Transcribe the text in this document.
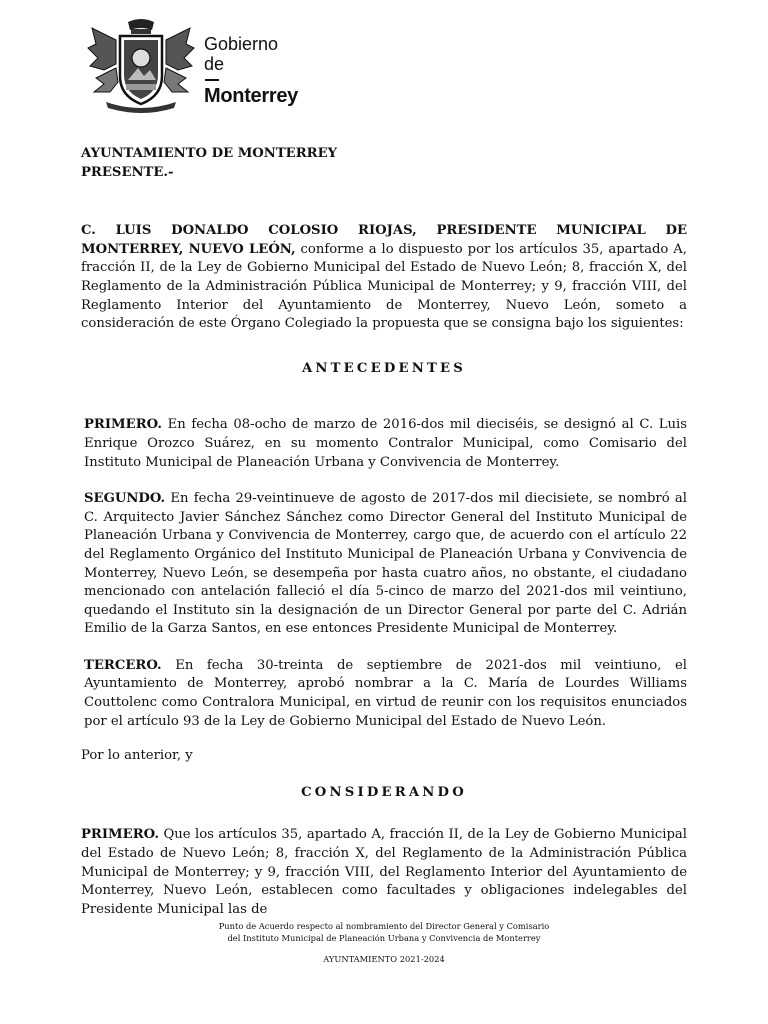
Gobierno
de
Monterrey

AYUNTAMIENTO DE MONTERREY

PRESENTE.-

C. LUIS DONALDO COLOSIO RIOJAS, PRESIDENTE MUNICIPAL DE MONTERREY, NUEVO LEÓN, conforme a lo dispuesto por los artículos 35, apartado A, fracción II, de la Ley de Gobierno Municipal del Estado de Nuevo León; 8, fracción X, del Reglamento de la Administración Pública Municipal de Monterrey; y 9, fracción VIII, del Reglamento Interior del Ayuntamiento de Monterrey, Nuevo León, someto a consideración de este Órgano Colegiado la propuesta que se consigna bajo los siguientes:

ANTECEDENTES

PRIMERO. En fecha 08-ocho de marzo de 2016-dos mil dieciséis, se designó al C. Luis Enrique Orozco Suárez, en su momento Contralor Municipal, como Comisario del Instituto Municipal de Planeación Urbana y Convivencia de Monterrey.

SEGUNDO. En fecha 29-veintinueve de agosto de 2017-dos mil diecisiete, se nombró al C. Arquitecto Javier Sánchez Sánchez como Director General del Instituto Municipal de Planeación Urbana y Convivencia de Monterrey, cargo que, de acuerdo con el artículo 22 del Reglamento Orgánico del Instituto Municipal de Planeación Urbana y Convivencia de Monterrey, Nuevo León, se desempeña por hasta cuatro años, no obstante, el ciudadano mencionado con antelación falleció el día 5-cinco de marzo del 2021-dos mil veintiuno, quedando el Instituto sin la designación de un Director General por parte del C. Adrián Emilio de la Garza Santos, en ese entonces Presidente Municipal de Monterrey.

TERCERO. En fecha 30-treinta de septiembre de 2021-dos mil veintiuno, el Ayuntamiento de Monterrey, aprobó nombrar a la C. María de Lourdes Williams Couttolenc como Contralora Municipal, en virtud de reunir con los requisitos enunciados por el artículo 93 de la Ley de Gobierno Municipal del Estado de Nuevo León.

Por lo anterior, y

CONSIDERANDO

PRIMERO. Que los artículos 35, apartado A, fracción II, de la Ley de Gobierno Municipal del Estado de Nuevo León; 8, fracción X, del Reglamento de la Administración Pública Municipal de Monterrey; y 9, fracción VIII, del Reglamento Interior del Ayuntamiento de Monterrey, Nuevo León, establecen como facultades y obligaciones indelegables del Presidente Municipal las de

Punto de Acuerdo respecto al nombramiento del Director General y Comisario
del Instituto Municipal de Planeación Urbana y Convivencia de Monterrey
AYUNTAMIENTO 2021-2024
